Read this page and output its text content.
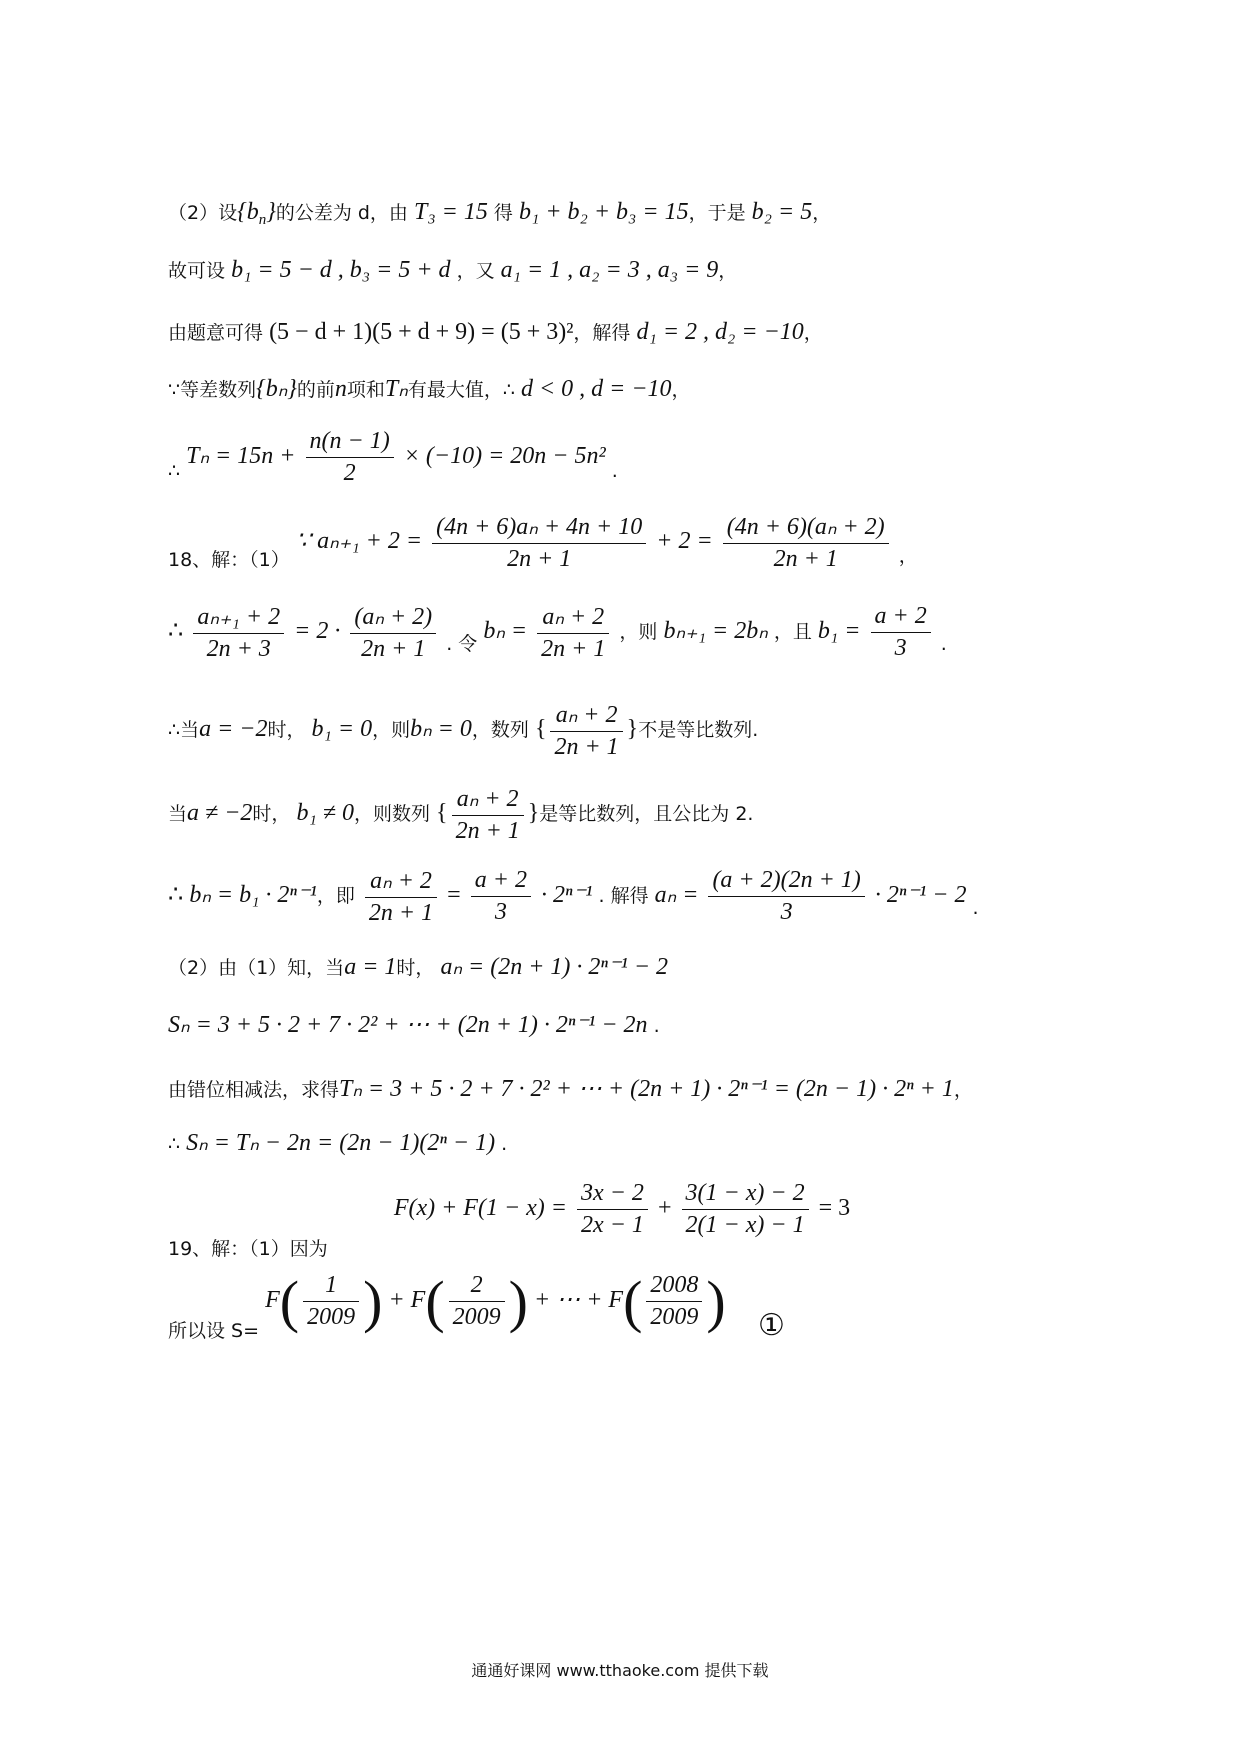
（2）设$\{b_n\}$的公差为 d，由 T₃ = 15 得 b₁ + b₂ + b₃ = 15，于是 b₂ = 5，
故可设 b₁ = 5 − d , b₃ = 5 + d ，又 a₁ = 1 , a₂ = 3 , a₃ = 9，
由题意可得 (5 − d + 1)(5 + d + 9) = (5 + 3)²，解得 d₁ = 2 , d₂ = −10，
∵等差数列{bₙ}的前n项和Tₙ有最大值，∴ d < 0 , d = −10，
∴ $T_n = 15n + \frac{n(n - 1)}{2} \times (-10) = 20n - 5n^2$ .
18、解：（1） ∵ $a_{n+1} + 2 = \frac{\text{(4n + 6)aₙ + 4n + 10}}{2n + 1} + 2 = \frac{\text{(4n + 6)(aₙ + 2)}}{2n + 1}$ ，
∴ $\frac{\text{aₙ₊₁ + 2}}{2n + 3} = 2 \cdot \frac{\text{(aₙ + 2)}}{2n + 1}$ . 令 $b_n = \frac{\text{aₙ + 2}}{2n + 1}$ ，则 bₙ₊₁ = 2bₙ ，且 $b_1 = \frac{a + 2}{3}$ .
∴当a = −2时， b₁ = 0，则bₙ = 0，数列 { $\frac{\text{aₙ + 2}}{2n + 1}$ }不是等比数列.
当a ≠ −2时， b₁ ≠ 0，则数列 { $\frac{\text{aₙ + 2}}{2n + 1}$ }是等比数列，且公比为 2.
∴ bₙ = b₁ · 2ⁿ⁻¹，即 $\frac{\text{aₙ + 2}}{2n + 1} = \frac{a + 2}{3} \cdot 2^{n-1}$ . 解得 $a_n = \frac{(a + 2)(2n + 1)}{3} \cdot 2^{n-1} - 2$ .
（2）由（1）知，当a = 1时， aₙ = (2n + 1) · 2ⁿ⁻¹ − 2
Sₙ = 3 + 5 · 2 + 7 · 2² + ⋯ + (2n + 1) · 2ⁿ⁻¹ − 2n .
由错位相减法，求得Tₙ = 3 + 5 · 2 + 7 · 2² + ⋯ + (2n + 1) · 2ⁿ⁻¹ = (2n − 1) · 2ⁿ + 1，
∴ Sₙ = Tₙ − 2n = (2n − 1)(2ⁿ − 1) .
19、解：（1）因为 $F(x) + F(1 - x) = \frac{3x - 2}{2x - 1} + \frac{3(1 - x) - 2}{2(1 - x) - 1} = 3$
所以设 $S= F( \frac{1}{2009}$ ) + $F( \frac{2}{2009}$ ) + ⋯ + $F( \frac{2008}{2009}$ ) ①
通通好课网 www.tthaoke.com 提供下载
